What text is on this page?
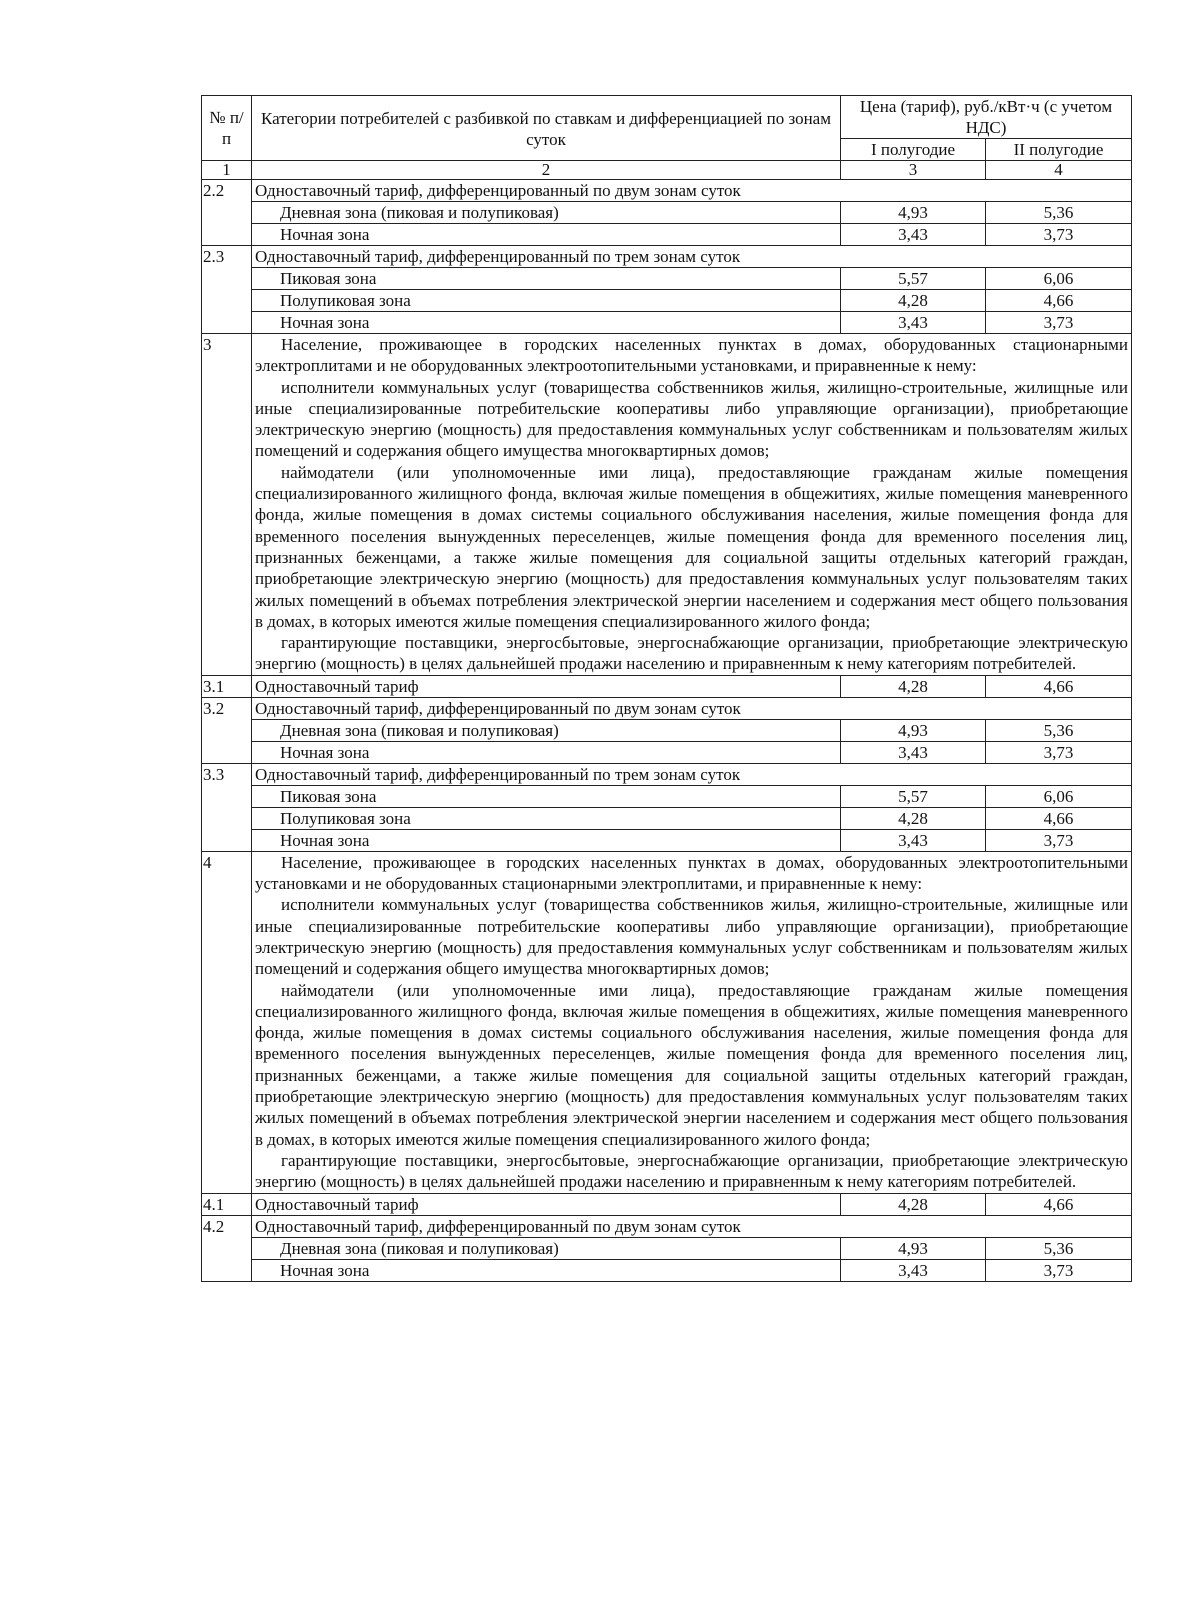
№ п/п	Категории потребителей с разбивкой по ставкам и дифференциацией по зонам суток	Цена (тариф), руб./кВт·ч (с учетом НДС)	
		I полугодие	II полугодие
1	2	3	4
2.2	Одноставочный тариф, дифференцированный по двум зонам суток		
	Дневная зона (пиковая и полупиковая)	4,93	5,36
	Ночная зона	3,43	3,73
2.3	Одноставочный тариф, дифференцированный по трем зонам суток		
	Пиковая зона	5,57	6,06
	Полупиковая зона	4,28	4,66
	Ночная зона	3,43	3,73
3	Население, проживающее в городских населенных пунктах в домах, оборудованных стационарными электроплитами и не оборудованных электроотопительными установками, и приравненные к нему:

исполнители коммунальных услуг (товарищества собственников жилья, жилищно-строительные, жилищные или иные специализированные потребительские кооперативы либо управляющие организации), приобретающие электрическую энергию (мощность) для предоставления коммунальных услуг собственникам и пользователям жилых помещений и содержания общего имущества многоквартирных домов;

наймодатели (или уполномоченные ими лица), предоставляющие гражданам жилые помещения специализированного жилищного фонда, включая жилые помещения в общежитиях, жилые помещения маневренного фонда, жилые помещения в домах системы социального обслуживания населения, жилые помещения фонда для временного поселения вынужденных переселенцев, жилые помещения фонда для временного поселения лиц, признанных беженцами, а также жилые помещения для социальной защиты отдельных категорий граждан, приобретающие электрическую энергию (мощность) для предоставления коммунальных услуг пользователям таких жилых помещений в объемах потребления электрической энергии населением и содержания мест общего пользования в домах, в которых имеются жилые помещения специализированного жилого фонда;

гарантирующие поставщики, энергосбытовые, энергоснабжающие организации, приобретающие электрическую энергию (мощность) в целях дальнейшей продажи населению и приравненным к нему категориям потребителей.		

3.1	Одноставочный тариф	4,28	4,66
3.2	Одноставочный тариф, дифференцированный по двум зонам суток		
	Дневная зона (пиковая и полупиковая)	4,93	5,36
	Ночная зона	3,43	3,73
3.3	Одноставочный тариф, дифференцированный по трем зонам суток		
	Пиковая зона	5,57	6,06
	Полупиковая зона	4,28	4,66
	Ночная зона	3,43	3,73
4	Население, проживающее в городских населенных пунктах в домах, оборудованных электроотопительными установками и не оборудованных стационарными электроплитами, и приравненные к нему:

исполнители коммунальных услуг (товарищества собственников жилья, жилищно-строительные, жилищные или иные специализированные потребительские кооперативы либо управляющие организации), приобретающие электрическую энергию (мощность) для предоставления коммунальных услуг собственникам и пользователям жилых помещений и содержания общего имущества многоквартирных домов;

наймодатели (или уполномоченные ими лица), предоставляющие гражданам жилые помещения специализированного жилищного фонда, включая жилые помещения в общежитиях, жилые помещения маневренного фонда, жилые помещения в домах системы социального обслуживания населения, жилые помещения фонда для временного поселения вынужденных переселенцев, жилые помещения фонда для временного поселения лиц, признанных беженцами, а также жилые помещения для социальной защиты отдельных категорий граждан, приобретающие электрическую энергию (мощность) для предоставления коммунальных услуг пользователям таких жилых помещений в объемах потребления электрической энергии населением и содержания мест общего пользования в домах, в которых имеются жилые помещения специализированного жилого фонда;

гарантирующие поставщики, энергосбытовые, энергоснабжающие организации, приобретающие электрическую энергию (мощность) в целях дальнейшей продажи населению и приравненным к нему категориям потребителей.		

4.1	Одноставочный тариф	4,28	4,66
4.2	Одноставочный тариф, дифференцированный по двум зонам суток		
	Дневная зона (пиковая и полупиковая)	4,93	5,36
	Ночная зона	3,43	3,73
